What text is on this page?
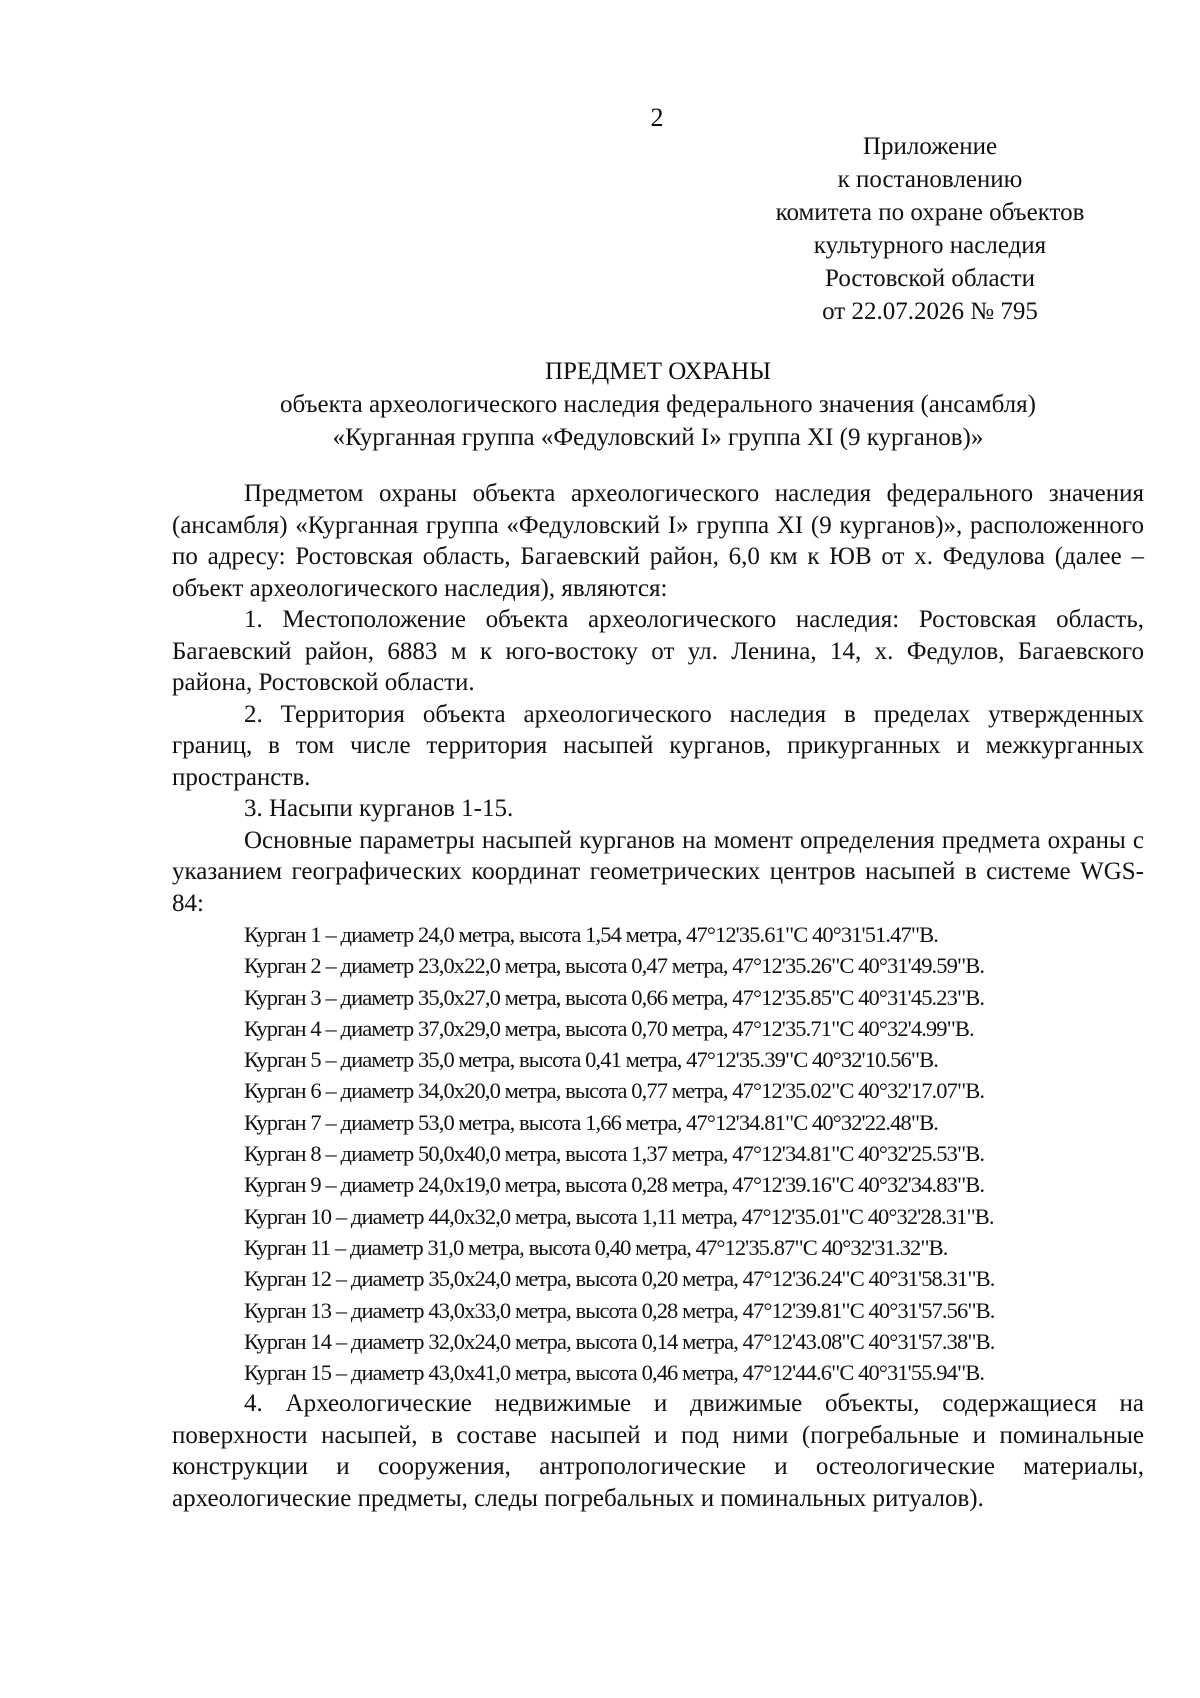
2
Приложение
к постановлению
комитета по охране объектов
культурного наследия
Ростовской области
от 22.07.2026 № 795
ПРЕДМЕТ ОХРАНЫ
объекта археологического наследия федерального значения (ансамбля)
«Курганная группа «Федуловский I» группа XI (9 курганов)»

Предметом охраны объекта археологического наследия федерального значения (ансамбля) «Курганная группа «Федуловский I» группа XI (9 курганов)», расположенного по адресу: Ростовская область, Багаевский район, 6,0 км к ЮВ от х. Федулова (далее – объект археологического наследия), являются:

1. Местоположение объекта археологического наследия: Ростовская область, Багаевский район, 6883 м к юго-востоку от ул. Ленина, 14, х. Федулов, Багаевского района, Ростовской области.

2. Территория объекта археологического наследия в пределах утвержденных границ, в том числе территория насыпей курганов, прикурганных и межкурганных пространств.

3. Насыпи курганов 1-15.

Основные параметры насыпей курганов на момент определения предмета охраны с указанием географических координат геометрических центров насыпей в системе WGS-84:

Курган 1 – диаметр 24,0 метра, высота 1,54 метра, 47°12'35.61"С 40°31'51.47"В.
Курган 2 – диаметр 23,0х22,0 метра, высота 0,47 метра, 47°12'35.26"С 40°31'49.59"В.
Курган 3 – диаметр 35,0х27,0 метра, высота 0,66 метра, 47°12'35.85"С 40°31'45.23"В.
Курган 4 – диаметр 37,0х29,0 метра, высота 0,70 метра, 47°12'35.71"С 40°32'4.99"В.
Курган 5 – диаметр 35,0 метра, высота 0,41 метра, 47°12'35.39"С 40°32'10.56"В.
Курган 6 – диаметр 34,0х20,0 метра, высота 0,77 метра, 47°12'35.02"С 40°32'17.07"В.
Курган 7 – диаметр 53,0 метра, высота 1,66 метра, 47°12'34.81"С 40°32'22.48"В.
Курган 8 – диаметр 50,0х40,0 метра, высота 1,37 метра, 47°12'34.81"С 40°32'25.53"В.
Курган 9 – диаметр 24,0х19,0 метра, высота 0,28 метра, 47°12'39.16"С 40°32'34.83"В.
Курган 10 – диаметр 44,0х32,0 метра, высота 1,11 метра, 47°12'35.01"С 40°32'28.31"В.
Курган 11 – диаметр 31,0 метра, высота 0,40 метра, 47°12'35.87"С 40°32'31.32"В.
Курган 12 – диаметр 35,0х24,0 метра, высота 0,20 метра, 47°12'36.24"С 40°31'58.31"В.
Курган 13 – диаметр 43,0х33,0 метра, высота 0,28 метра, 47°12'39.81"С 40°31'57.56"В.
Курган 14 – диаметр 32,0х24,0 метра, высота 0,14 метра, 47°12'43.08"С 40°31'57.38"В.
Курган 15 – диаметр 43,0х41,0 метра, высота 0,46 метра, 47°12'44.6"С 40°31'55.94"В.

4. Археологические недвижимые и движимые объекты, содержащиеся на поверхности насыпей, в составе насыпей и под ними (погребальные и поминальные конструкции и сооружения, антропологические и остеологические материалы, археологические предметы, следы погребальных и поминальных ритуалов).
